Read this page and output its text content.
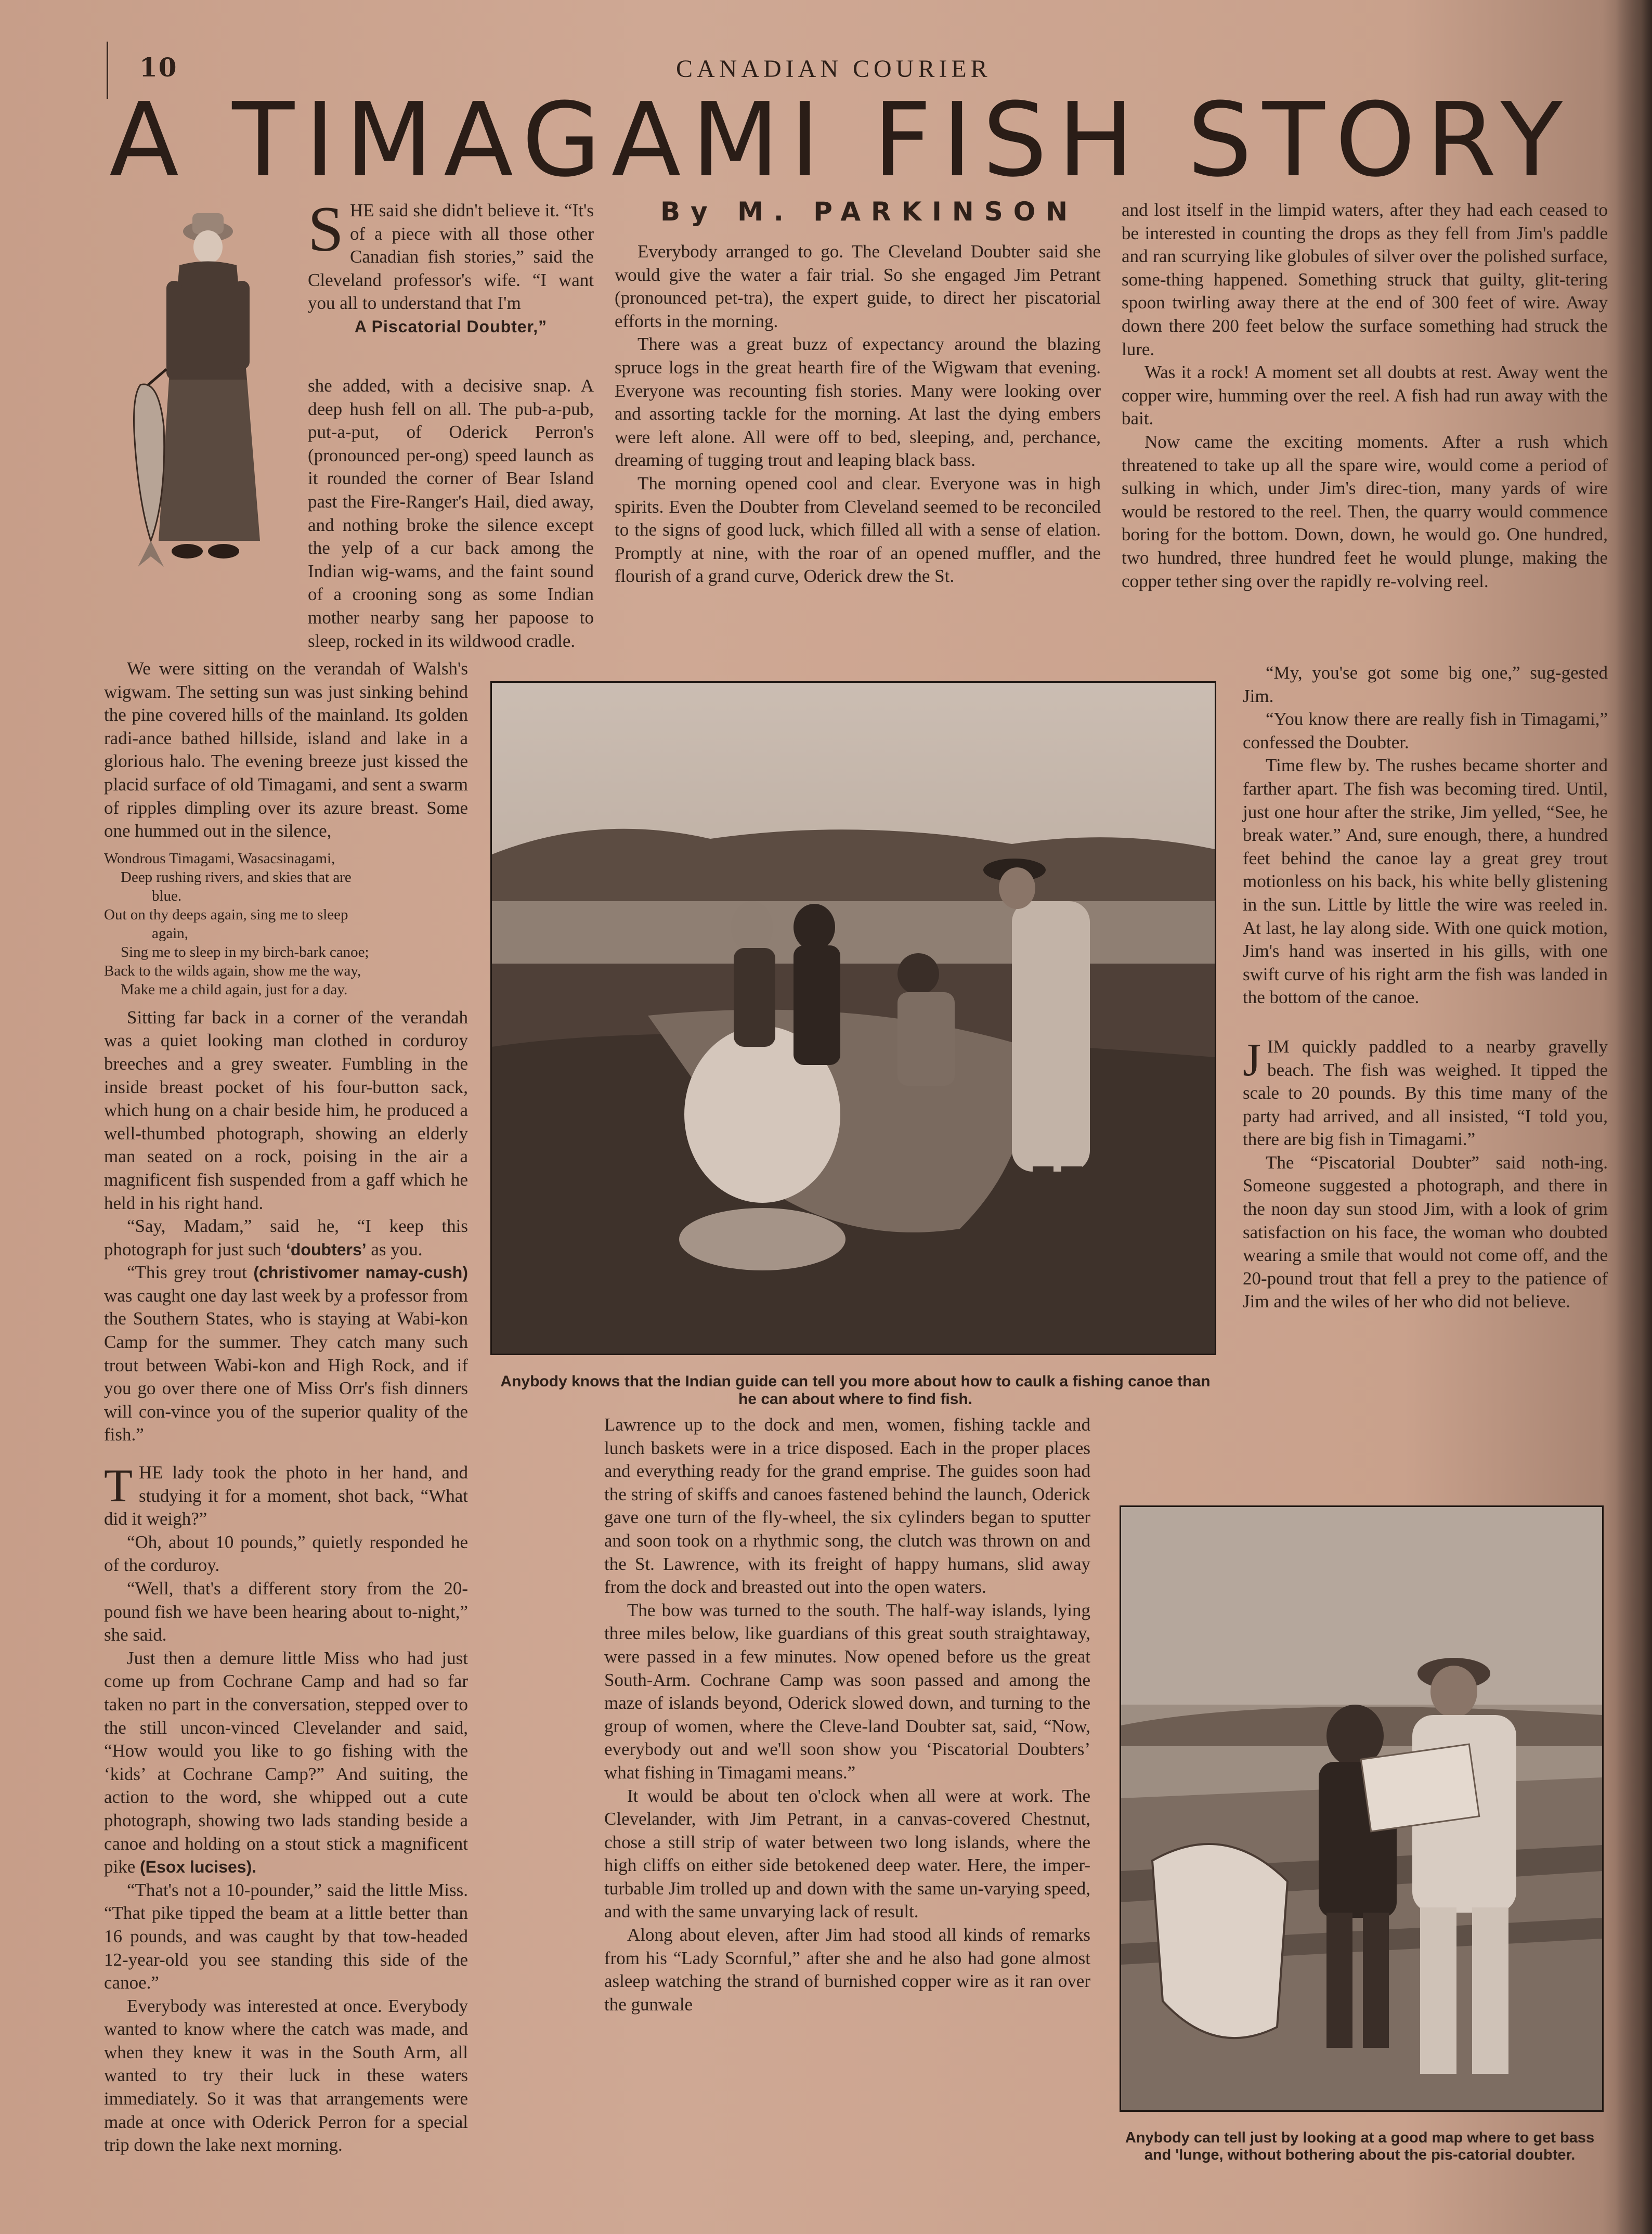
10	CANADIAN COURIER
A TIMAGAMI FISH STORY
By M. PARKINSON

SHE said she didn't believe it. “It's of a piece with all those other Canadian fish stories,” said the Cleveland professor's wife. “I want you all to understand that I'm

A Piscatorial Doubter,”

she added, with a decisive snap. A deep hush fell on all. The pub-a-pub, put-a-put, of Oderick Perron's (pronounced per-ong) speed launch as it rounded the corner of Bear Island past the Fire-Ranger's Hail, died away, and nothing broke the silence except the yelp of a cur back among the Indian wig-wams, and the faint sound of a crooning song as some Indian mother nearby sang her papoose to sleep, rocked in its wildwood cradle.

We were sitting on the verandah of Walsh's wigwam. The setting sun was just sinking behind the pine covered hills of the mainland. Its golden radi-ance bathed hillside, island and lake in a glorious halo. The evening breeze just kissed the placid surface of old Timagami, and sent a swarm of ripples dimpling over its azure breast. Some one hummed out in the silence,

Wondrous Timagami, Wasacsinagami,
Deep rushing rivers, and skies that are
blue.
Out on thy deeps again, sing me to sleep
again,
Sing me to sleep in my birch-bark canoe;
Back to the wilds again, show me the way,
Make me a child again, just for a day.

Sitting far back in a corner of the verandah was a quiet looking man clothed in corduroy breeches and a grey sweater. Fumbling in the inside breast pocket of his four-button sack, which hung on a chair beside him, he produced a well-thumbed photograph, showing an elderly man seated on a rock, poising in the air a magnificent fish suspended from a gaff which he held in his right hand.

“Say, Madam,” said he, “I keep this photograph for just such ‘doubters’ as you.

“This grey trout (christivomer namay-cush) was caught one day last week by a professor from the Southern States, who is staying at Wabi-kon Camp for the summer. They catch many such trout between Wabi-kon and High Rock, and if you go over there one of Miss Orr's fish dinners will con-vince you of the superior quality of the fish.”

THE lady took the photo in her hand, and studying it for a moment, shot back, “What did it weigh?”

“Oh, about 10 pounds,” quietly responded he of the corduroy.

“Well, that's a different story from the 20-pound fish we have been hearing about to-night,” she said.

Just then a demure little Miss who had just come up from Cochrane Camp and had so far taken no part in the conversation, stepped over to the still uncon-vinced Clevelander and said, “How would you like to go fishing with the ‘kids’ at Cochrane Camp?” And suiting, the action to the word, she whipped out a cute photograph, showing two lads standing beside a canoe and holding on a stout stick a magnificent pike (Esox lucises).

“That's not a 10-pounder,” said the little Miss. “That pike tipped the beam at a little better than 16 pounds, and was caught by that tow-headed 12-year-old you see standing this side of the canoe.”

Everybody was interested at once. Everybody wanted to know where the catch was made, and when they knew it was in the South Arm, all wanted to try their luck in these waters immediately. So it was that arrangements were made at once with Oderick Perron for a special trip down the lake next morning.

Everybody arranged to go. The Cleveland Doubter said she would give the water a fair trial. So she engaged Jim Petrant (pronounced pet-tra), the expert guide, to direct her piscatorial efforts in the morning.

There was a great buzz of expectancy around the blazing spruce logs in the great hearth fire of the Wigwam that evening. Everyone was recounting fish stories. Many were looking over and assorting tackle for the morning. At last the dying embers were left alone. All were off to bed, sleeping, and, perchance, dreaming of tugging trout and leaping black bass.

The morning opened cool and clear. Everyone was in high spirits. Even the Doubter from Cleveland seemed to be reconciled to the signs of good luck, which filled all with a sense of elation. Promptly at nine, with the roar of an opened muffler, and the flourish of a grand curve, Oderick drew the St.

Anybody knows that the Indian guide can tell you more about how to caulk a fishing canoe than he can about where to find fish.

Lawrence up to the dock and men, women, fishing tackle and lunch baskets were in a trice disposed. Each in the proper places and everything ready for the grand emprise. The guides soon had the string of skiffs and canoes fastened behind the launch, Oderick gave one turn of the fly-wheel, the six cylinders began to sputter and soon took on a rhythmic song, the clutch was thrown on and the St. Lawrence, with its freight of happy humans, slid away from the dock and breasted out into the open waters.

The bow was turned to the south. The half-way islands, lying three miles below, like guardians of this great south straightaway, were passed in a few minutes. Now opened before us the great South-Arm. Cochrane Camp was soon passed and among the maze of islands beyond, Oderick slowed down, and turning to the group of women, where the Cleve-land Doubter sat, said, “Now, everybody out and we'll soon show you ‘Piscatorial Doubters’ what fishing in Timagami means.”

It would be about ten o'clock when all were at work. The Clevelander, with Jim Petrant, in a canvas-covered Chestnut, chose a still strip of water between two long islands, where the high cliffs on either side betokened deep water. Here, the imper-turbable Jim trolled up and down with the same un-varying speed, and with the same unvarying lack of result.

Along about eleven, after Jim had stood all kinds of remarks from his “Lady Scornful,” after she and he also had gone almost asleep watching the strand of burnished copper wire as it ran over the gunwale

and lost itself in the limpid waters, after they had each ceased to be interested in counting the drops as they fell from Jim's paddle and ran scurrying like globules of silver over the polished surface, some-thing happened. Something struck that guilty, glit-tering spoon twirling away there at the end of 300 feet of wire. Away down there 200 feet below the surface something had struck the lure.

Was it a rock! A moment set all doubts at rest. Away went the copper wire, humming over the reel. A fish had run away with the bait.

Now came the exciting moments. After a rush which threatened to take up all the spare wire, would come a period of sulking in which, under Jim's direc-tion, many yards of wire would be restored to the reel. Then, the quarry would commence boring for the bottom. Down, down, he would go. One hundred, two hundred, three hundred feet he would plunge, making the copper tether sing over the rapidly re-volving reel.

“My, you'se got some big one,” sug-gested Jim.

“You know there are really fish in Timagami,” confessed the Doubter.

Time flew by. The rushes became shorter and farther apart. The fish was becoming tired. Until, just one hour after the strike, Jim yelled, “See, he break water.” And, sure enough, there, a hundred feet behind the canoe lay a great grey trout motionless on his back, his white belly glistening in the sun. Little by little the wire was reeled in. At last, he lay along side. With one quick motion, Jim's hand was inserted in his gills, with one swift curve of his right arm the fish was landed in the bottom of the canoe.

JIM quickly paddled to a nearby gravelly beach. The fish was weighed. It tipped the scale to 20 pounds. By this time many of the party had arrived, and all insisted, “I told you, there are big fish in Timagami.”

The “Piscatorial Doubter” said noth-ing. Someone suggested a photograph, and there in the noon day sun stood Jim, with a look of grim satisfaction on his face, the woman who doubted wearing a smile that would not come off, and the 20-pound trout that fell a prey to the patience of Jim and the wiles of her who did not believe.

Anybody can tell just by looking at a good map where to get bass and 'lunge, without bothering about the pis-catorial doubter.
